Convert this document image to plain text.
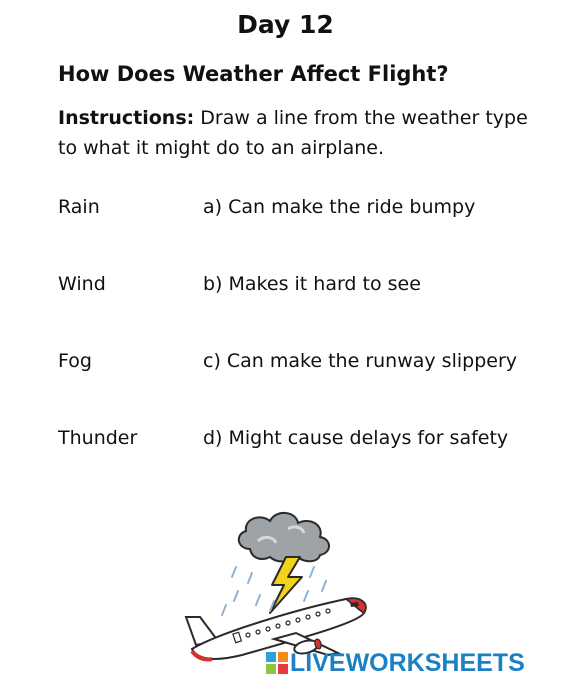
Day 12
How Does Weather Affect Flight?
Instructions: Draw a line from the weather type to what it might do to an airplane.
Rain	a) Can make the ride bumpy
Wind	b) Makes it hard to see
Fog	c) Can make the runway slippery
Thunder	d) Might cause delays for safety
LIVEWORKSHEETS
